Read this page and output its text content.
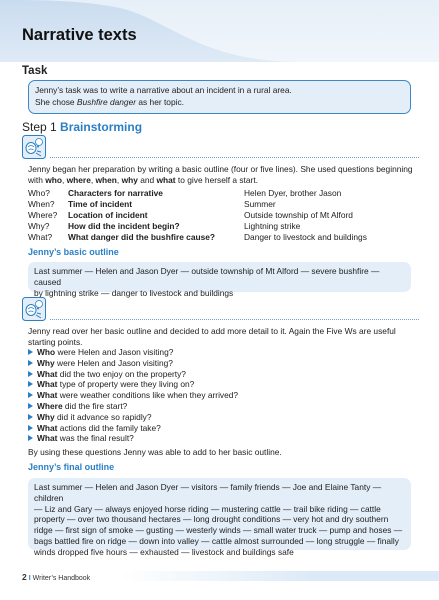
Narrative texts
Task
Jenny’s task was to write a narrative about an incident in a rural area.
She chose Bushfire danger as her topic.
Step 1 Brainstorming
Jenny began her preparation by writing a basic outline (four or five lines). She used questions beginning
with who, where, when, why and what to give herself a start.
Who? Characters for narrative	Helen Dyer, brother Jason
When? Time of incident	Summer
Where? Location of incident	Outside township of Mt Alford
Why? How did the incident begin?	Lightning strike
What? What danger did the bushfire cause?	Danger to livestock and buildings
Jenny’s basic outline
Last summer — Helen and Jason Dyer — outside township of Mt Alford — severe bushfire — caused
by lightning strike — danger to livestock and buildings
Jenny read over her basic outline and decided to add more detail to it. Again the Five Ws are useful
starting points.
Who were Helen and Jason visiting?
Why were Helen and Jason visiting?
What did the two enjoy on the property?
What type of property were they living on?
What were weather conditions like when they arrived?
Where did the fire start?
Why did it advance so rapidly?
What actions did the family take?
What was the final result?
By using these questions Jenny was able to add to her basic outline.
Jenny’s final outline
Last summer — Helen and Jason Dyer — visitors — family friends — Joe and Elaine Tanty — children
— Liz and Gary — always enjoyed horse riding — mustering cattle — trail bike riding — cattle
property — over two thousand hectares — long drought conditions — very hot and dry southern
ridge — first sign of smoke — gusting — westerly winds — small water truck — pump and hoses —
bags battled fire on ridge — down into valley — cattle almost surrounded — long struggle — finally
winds dropped five hours — exhausted — livestock and buildings safe
2 I Writer’s Handbook
